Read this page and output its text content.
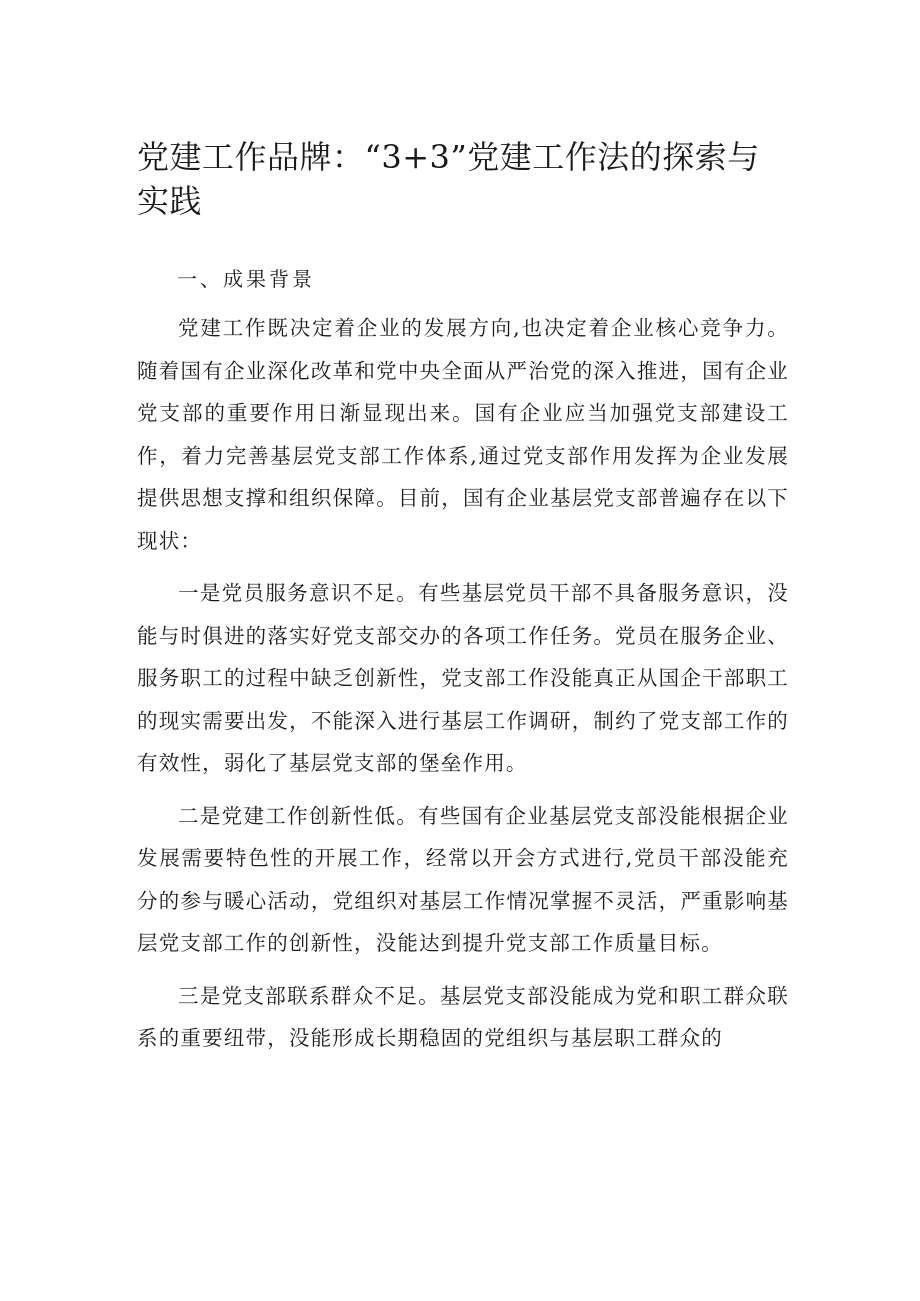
党建工作品牌：“3+3”党建工作法的探索与实践

一、成果背景

党建工作既决定着企业的发展方向,也决定着企业核心竞争力。随着国有企业深化改革和党中央全面从严治党的深入推进，国有企业党支部的重要作用日渐显现出来。国有企业应当加强党支部建设工作，着力完善基层党支部工作体系,通过党支部作用发挥为企业发展提供思想支撑和组织保障。目前，国有企业基层党支部普遍存在以下现状：

一是党员服务意识不足。有些基层党员干部不具备服务意识，没能与时俱进的落实好党支部交办的各项工作任务。党员在服务企业、服务职工的过程中缺乏创新性，党支部工作没能真正从国企干部职工的现实需要出发，不能深入进行基层工作调研，制约了党支部工作的有效性，弱化了基层党支部的堡垒作用。

二是党建工作创新性低。有些国有企业基层党支部没能根据企业发展需要特色性的开展工作，经常以开会方式进行,党员干部没能充分的参与暖心活动，党组织对基层工作情况掌握不灵活，严重影响基层党支部工作的创新性，没能达到提升党支部工作质量目标。

三是党支部联系群众不足。基层党支部没能成为党和职工群众联系的重要纽带，没能形成长期稳固的党组织与基层职工群众的
